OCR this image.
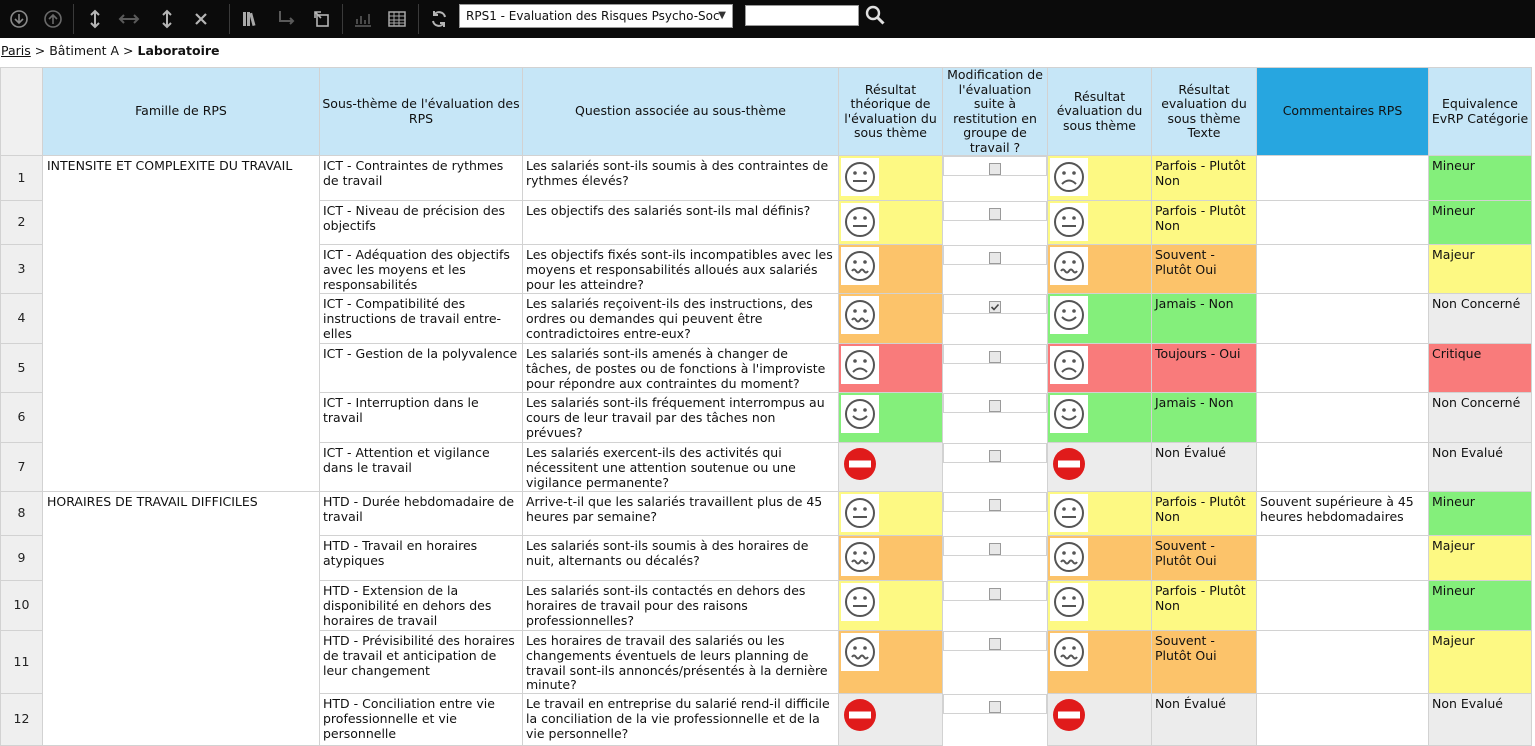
RPS1 - Evaluation des Risques Psycho-Soc
▼
Paris > Bâtiment A > Laboratoire
	Famille de RPS	Sous-thème de l'évaluation des RPS	Question associée au sous-thème	Résultat théorique de l'évaluation du sous thème	Modification de l'évaluation suite à restitution en groupe de travail ?	Résultat évaluation du sous thème	Résultat evaluation du sous thème Texte	Commentaires RPS	Equivalence EvRP Catégorie
1	INTENSITE ET COMPLEXITE DU TRAVAIL	ICT - Contraintes de rythmes de travail	Les salariés sont-ils soumis à des contraintes de rythmes élevés?			Parfois - Plutôt Non		Mineur
2		ICT - Niveau de précision des objectifs	Les objectifs des salariés sont-ils mal définis?			Parfois - Plutôt Non		Mineur
3		ICT - Adéquation des objectifs avec les moyens et les responsabilités	Les objectifs fixés sont-ils incompatibles avec les moyens et responsabilités alloués aux salariés pour les atteindre?			Souvent - Plutôt Oui		Majeur
4		ICT - Compatibilité des instructions de travail entre-elles	Les salariés reçoivent-ils des instructions, des ordres ou demandes qui peuvent être contradictoires entre-eux?			Jamais - Non		Non Concerné
5		ICT - Gestion de la polyvalence	Les salariés sont-ils amenés à changer de tâches, de postes ou de fonctions à l'improviste pour répondre aux contraintes du moment?			Toujours - Oui		Critique
6		ICT - Interruption dans le travail	Les salariés sont-ils fréquement interrompus au cours de leur travail par des tâches non prévues?			Jamais - Non		Non Concerné
7		ICT - Attention et vigilance dans le travail	Les salariés exercent-ils des activités qui nécessitent une attention soutenue ou une vigilance permanente?			Non Évalué		Non Evalué
8	HORAIRES DE TRAVAIL DIFFICILES	HTD - Durée hebdomadaire de travail	Arrive-t-il que les salariés travaillent plus de 45 heures par semaine?			Parfois - Plutôt Non	Souvent supérieure à 45 heures hebdomadaires	Mineur
9		HTD - Travail en horaires atypiques	Les salariés sont-ils soumis à des horaires de nuit, alternants ou décalés?			Souvent - Plutôt Oui		Majeur
10		HTD - Extension de la disponibilité en dehors des horaires de travail	Les salariés sont-ils contactés en dehors des horaires de travail pour des raisons professionnelles?			Parfois - Plutôt Non		Mineur
11		HTD - Prévisibilité des horaires de travail et anticipation de leur changement	Les horaires de travail des salariés ou les changements éventuels de leurs planning de travail sont-ils annoncés/présentés à la dernière minute?			Souvent - Plutôt Oui		Majeur
12		HTD - Conciliation entre vie professionnelle et vie personnelle	Le travail en entreprise du salarié rend-il difficile la conciliation de la vie professionnelle et de la vie personnelle?			Non Évalué		Non Evalué
